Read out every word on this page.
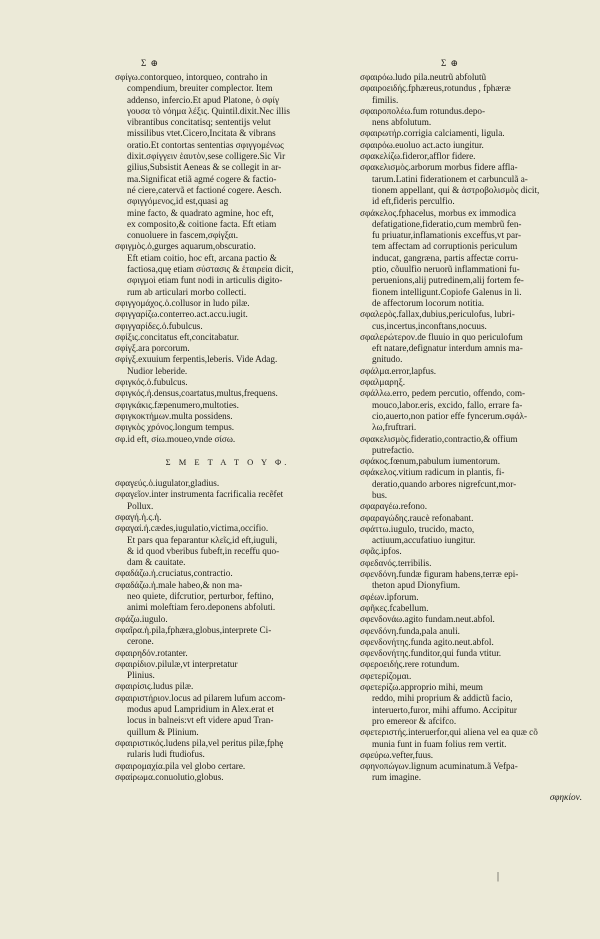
Σ ⊕	Σ ⊕
σφίγω.contorqueo, intorqueo, contraho in
* compendium, breuiter complector. Item
addenso, infercio.Et apud Platone, ὁ σφίγ
γουσα τὸ νόημα λέξις. Quintil.dixit.Nec illis
vibrantibus concitatisq; sententijs velut
missilibus vtet.Cicero,Incitata & vibrans
oratio.Et contortas sententias σφιγγομένως
dixit.σφίγγειν ἑαυτὸν,sese colligere.Sic Vir
gilius,Subsistit Aeneas & se collegit in ar-
* ma.Significat etiã agmé cogere & factio-
né ciere,catervã et factioné cogere. Aesch.
σφιγγόμενος,id est,quasi ag
mine facto, & quadrato agmine, hoc eft,
ex composito,& coitione facta. Eft etiam
conuoluere in fascem,σφίγξαι.
* σφιγμὸς.ὁ,gurges aquarum,obscuratio.
Eft etiam coitio, hoc eft, arcana pactio &
factiosa,quę etiam σύστασις & ἑταιρεία dicit,
σφιγμοὶ etiam funt nodi in articulis digito-
rum ab articulari morbo collecti.
σφιγγομάχος.ὁ.collusor in ludo pilæ.
σφιγγαρίζω.conterreo.act.accu.iugit.
σφιγγαρίδες.ὁ.fubulcus.
σφίξις.concitatus eft,concitabatur.
σφίγξ.ara porcorum.
σφίγξ.exuuium ferpentis,leberis. Vide Adag.
Nudior leberide.
σφιγκός.ὁ.fubulcus.
σφιγκός.ἡ.densus,coartatus,multus,frequens.
σφιγκάκις.fæpenumero,multoties.
σφιγκοκτήμων.multa possidens.
σφιγκὸς χρόνος.longum tempus.
* σφ.id eft, σίω.moueo,vnde σίσω.
Σ Μ Ε Τ Α Τ Ο Υ Φ.
σφαγεύς.ὁ.iugulator,gladius.
σφαγεῖον.inter instrumenta facrificalia recẽfet
* Pollux.
σφαγή.ἡ.ς.ἡ.
σφαγαί.ἡ.cædes,iugulatio,victima,occifio.
* Et pars qua feparantur κλεῖς,id eft,iuguli,
& id quod vberibus fubeft,in receffu quo-
dam & cauitate.
σφαδάζω.ἡ.cruciatus,contractio.
σφαδάζω.ἡ.male habeo,& non ma-
neo quiete, difcrutior, perturbor, feftino,
animi moleftiam fero.deponens abfoluti.
σφάζω.iugulo.
σφαῖρα.ἡ.pila,fphæra,globus,interprete Ci-
cerone.
σφαιρηδόν.rotanter.
* σφαιρίδιον.pilulæ,vt interpretatur
Plinius.
σφαιρίσις.ludus pilæ.
* σφαιριστήριον.locus ad pilarem lufum accom-
modus apud Lampridium in Alex.erat et
locus in balneis:vt eft videre apud Tran-
quillum & Plinium.
σφαιριστικός.ludens pila,vel peritus pilæ,fphę
* rularis ludi ftudiofus.
σφαιρομαχία.pila vel globo certare.
σφαίρωμα.conuolutio,globus.
σφαιρόω.ludo pila.neutrũ abfolutũ
σφαιροειδής.fphæreus,rotundus , fphæræ
fimilis.
σφαιροπολέω.fum rotundus.depo-
nens abfolutum.
σφαιρωτήρ.corrigia calciamenti, ligula.
σφαιρόω.euoluo act.acto iungitur.
σφακελίζω.fideror,afflor fidere.
* σφακελισμὸς.arborum morbus fidere affla-
tarum.Latini fiderationem et carbunculã a-
tionem appellant, qui & ἀστροβολισμὸς dicit,
id eft,fideris perculfio.
σφάκελος.fphacelus, morbus ex immodica
defatigatione,fideratio,cum membrũ fen-
* fu priuatur,inflamationis exceffus,vt par-
tem affectam ad corruptionis periculum
inducat, gangræna, partis affectæ corru-
ptio, cõuulfio neruorũ inflammationi fu-
peruenions,alij putredinem,alij fortem fe-
fionem intelligunt.Copiofe Galenus in li.
de affectorum locorum notitia.
σφαλερὸς.fallax,dubius,periculofus, lubri-
cus,incertus,inconftans,nocuus.
σφαλερώτερον.de fluuio in quo periculofum
eft natare,defignatur interdum amnis ma-
gnitudo.
σφάλμα.error,lapfus.
σφαλμαρηξ.
* σφάλλω.erro, pedem percutio, offendo, com-
mouco,labor.eris, excido, fallo, errare fa-
cio,auerto,non patior effe fyncerum.σφάλ-
λω,fruftrari.
σφακελισμὸς.fideratio,contractio,& offium
putrefactio.
σφάκος.fœnum,pabulum iumentorum.
σφάκελος.vitium radicum in plantis, fi-
deratio,quando arbores nigrefcunt,mor-
bus.
σφαραγέω.refono.
σφαραγώδης.raucè refonabant.
σφάττω.iugulo, trucido, macto,
actiuum,accufatiuo iungitur.
σφᾶς.ipfos.
σφεδανός.terribilis.
* σφενδόνη.fundæ figuram habens,terræ epi-
theton apud Dionyfium.
σφέων.ipforum.
σφῆκες.fcabellum.
σφενδονάω.agito fundam.neut.abfol.
σφενδόνη.funda,pala anuli.
σφενδονήτης.funda agito.neut.abfol.
σφενδονήτης.funditor,qui funda vtitur.
σφεροειδής.rere rotundum.
σφετερίζομαι.
* σφετερίζω.approprio mihi, meum
reddo, mihi proprium & addictũ facio,
interuerto,furor, mihi affumo. Accipitur
pro emereor & afcifco.
* σφετεριστής.interuerfor,qui aliena vel ea quæ cõ
munia funt in fuam folius rem vertit.
σφεύρω.vefter,fuus.
* σφηνοπώγων.lignum acuminatum.ã Vefpa-
rum imagine.
σφηκίον.
|
